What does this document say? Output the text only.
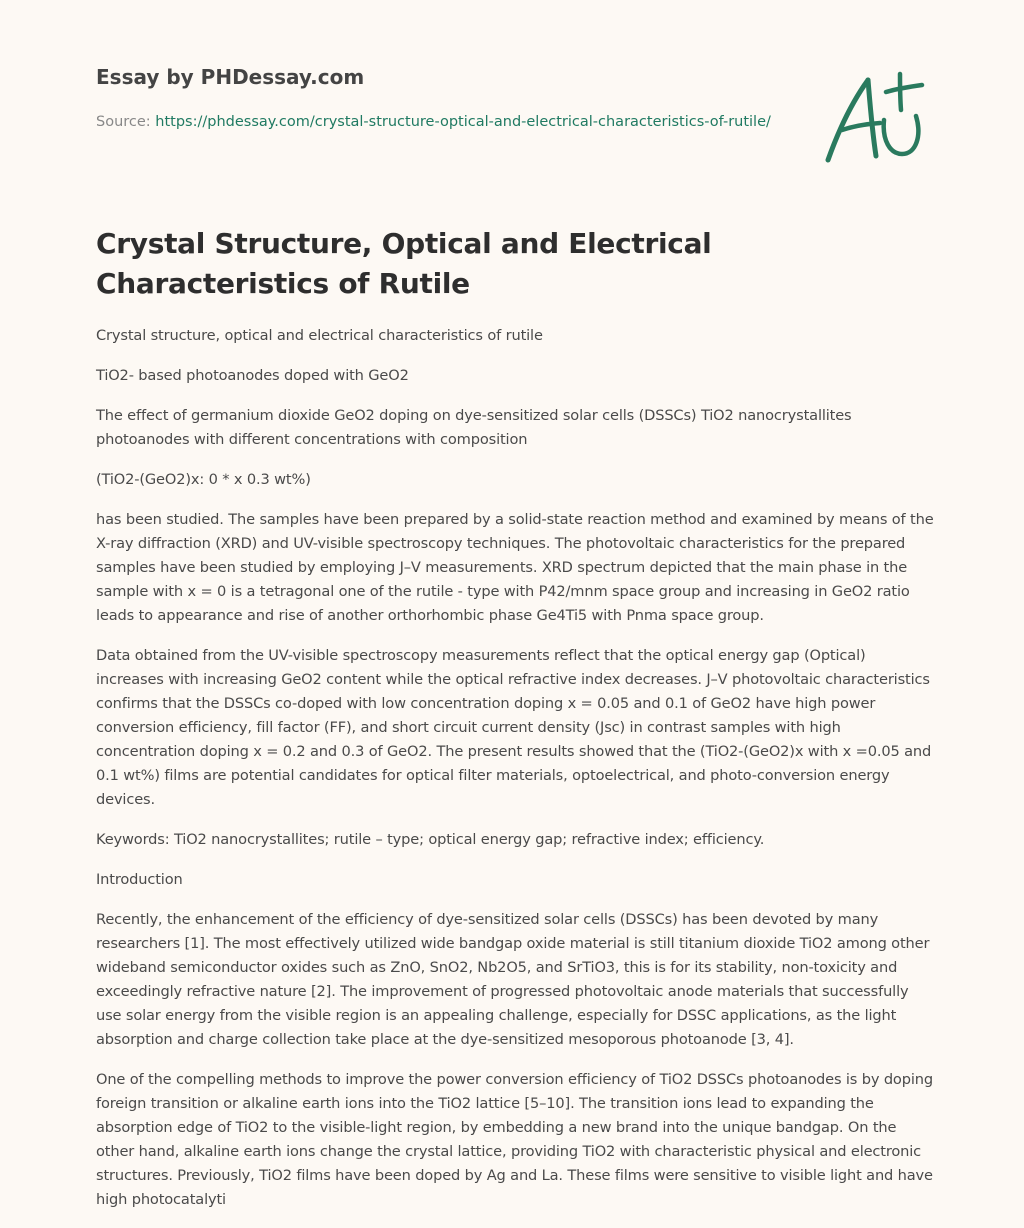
Essay by PHDessay.com
Source: https://phdessay.com/crystal-structure-optical-and-electrical-characteristics-of-rutile/
Crystal Structure, Optical and Electrical Characteristics of Rutile

Crystal structure, optical and electrical characteristics of rutile

TiO2- based photoanodes doped with GeO2

The effect of germanium dioxide GeO2 doping on dye-sensitized solar cells (DSSCs) TiO2 nanocrystallites photoanodes with different concentrations with composition

(TiO2-(GeO2)x: 0 * x 0.3 wt%)

has been studied. The samples have been prepared by a solid-state reaction method and examined by means of the X-ray diffraction (XRD) and UV-visible spectroscopy techniques. The photovoltaic characteristics for the prepared samples have been studied by employing J–V measurements. XRD spectrum depicted that the main phase in the sample with x = 0 is a tetragonal one of the rutile - type with P42/mnm space group and increasing in GeO2 ratio leads to appearance and rise of another orthorhombic phase Ge4Ti5 with Pnma space group.

Data obtained from the UV-visible spectroscopy measurements reflect that the optical energy gap (Optical) increases with increasing GeO2 content while the optical refractive index decreases. J–V photovoltaic characteristics confirms that the DSSCs co-doped with low concentration doping x = 0.05 and 0.1 of GeO2 have high power conversion efficiency, fill factor (FF), and short circuit current density (Jsc) in contrast samples with high concentration doping x = 0.2 and 0.3 of GeO2. The present results showed that the (TiO2-(GeO2)x with x =0.05 and 0.1 wt%) films are potential candidates for optical filter materials, optoelectrical, and photo-conversion energy devices.

Keywords: TiO2 nanocrystallites; rutile – type; optical energy gap; refractive index; efficiency.

Introduction

Recently, the enhancement of the efficiency of dye-sensitized solar cells (DSSCs) has been devoted by many researchers [1]. The most effectively utilized wide bandgap oxide material is still titanium dioxide TiO2 among other wideband semiconductor oxides such as ZnO, SnO2, Nb2O5, and SrTiO3, this is for its stability, non-toxicity and exceedingly refractive nature [2]. The improvement of progressed photovoltaic anode materials that successfully use solar energy from the visible region is an appealing challenge, especially for DSSC applications, as the light absorption and charge collection take place at the dye-sensitized mesoporous photoanode [3, 4].

One of the compelling methods to improve the power conversion efficiency of TiO2 DSSCs photoanodes is by doping foreign transition or alkaline earth ions into the TiO2 lattice [5–10]. The transition ions lead to expanding the absorption edge of TiO2 to the visible-light region, by embedding a new brand into the unique bandgap. On the other hand, alkaline earth ions change the crystal lattice, providing TiO2 with characteristic physical and electronic structures. Previously, TiO2 films have been doped by Ag and La. These films were sensitive to visible light and have high photocatalyti
